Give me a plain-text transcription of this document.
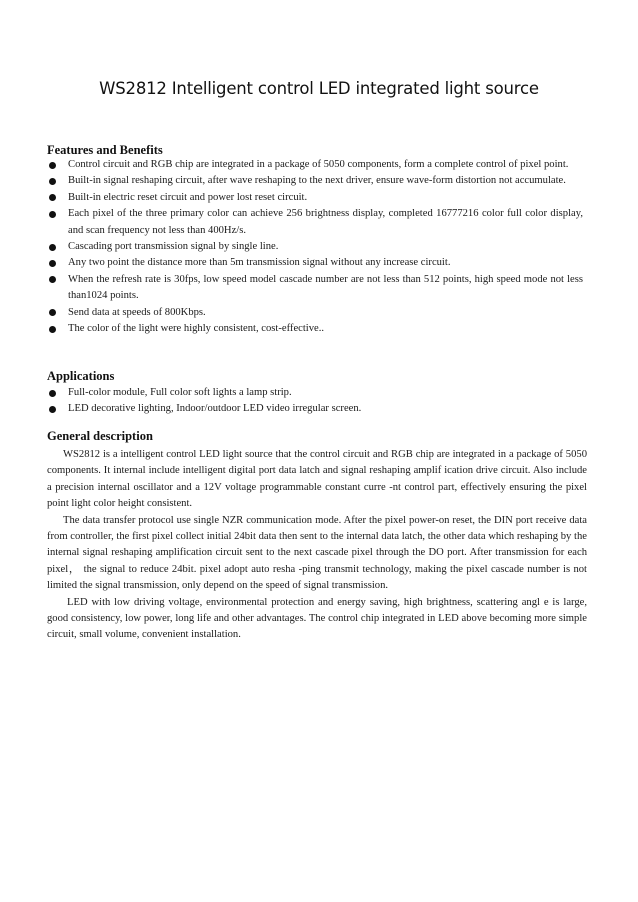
WS2812 Intelligent control LED integrated light source
Features and Benefits
Control circuit and RGB chip are integrated in a package of 5050 components, form a complete control of pixel point.
Built-in signal reshaping circuit, after wave reshaping to the next driver, ensure wave-form distortion not accumulate.
Built-in electric reset circuit and power lost reset circuit.
Each pixel of the three primary color can achieve 256 brightness display, completed 16777216 color full color display, and scan frequency not less than 400Hz/s.
Cascading port transmission signal by single line.
Any two point the distance more than 5m transmission signal without any increase circuit.
When the refresh rate is 30fps, low speed model cascade number are not less than 512 points, high speed mode not less than1024 points.
Send data at speeds of 800Kbps.
The color of the light were highly consistent, cost-effective..
Applications
Full-color module, Full color soft lights a lamp strip.
LED decorative lighting, Indoor/outdoor LED video irregular screen.
General description

WS2812 is a intelligent control LED light source that the control circuit and RGB chip are integrated in a package of 5050 components. It internal include intelligent digital port data latch and signal reshaping amplif ication drive circuit. Also include a precision internal oscillator and a 12V voltage programmable constant curre -nt control part, effectively ensuring the pixel point light color height consistent.

The data transfer protocol use single NZR communication mode. After the pixel power-on reset, the DIN port receive data from controller, the first pixel collect initial 24bit data then sent to the internal data latch, the other data which reshaping by the internal signal reshaping amplification circuit sent to the next cascade pixel through the DO port. After transmission for each pixel， the signal to reduce 24bit. pixel adopt auto resha -ping transmit technology, making the pixel cascade number is not limited the signal transmission, only depend on the speed of signal transmission.

LED with low driving voltage, environmental protection and energy saving, high brightness, scattering angl e is large, good consistency, low power, long life and other advantages. The control chip integrated in LED above becoming more simple circuit, small volume, convenient installation.
